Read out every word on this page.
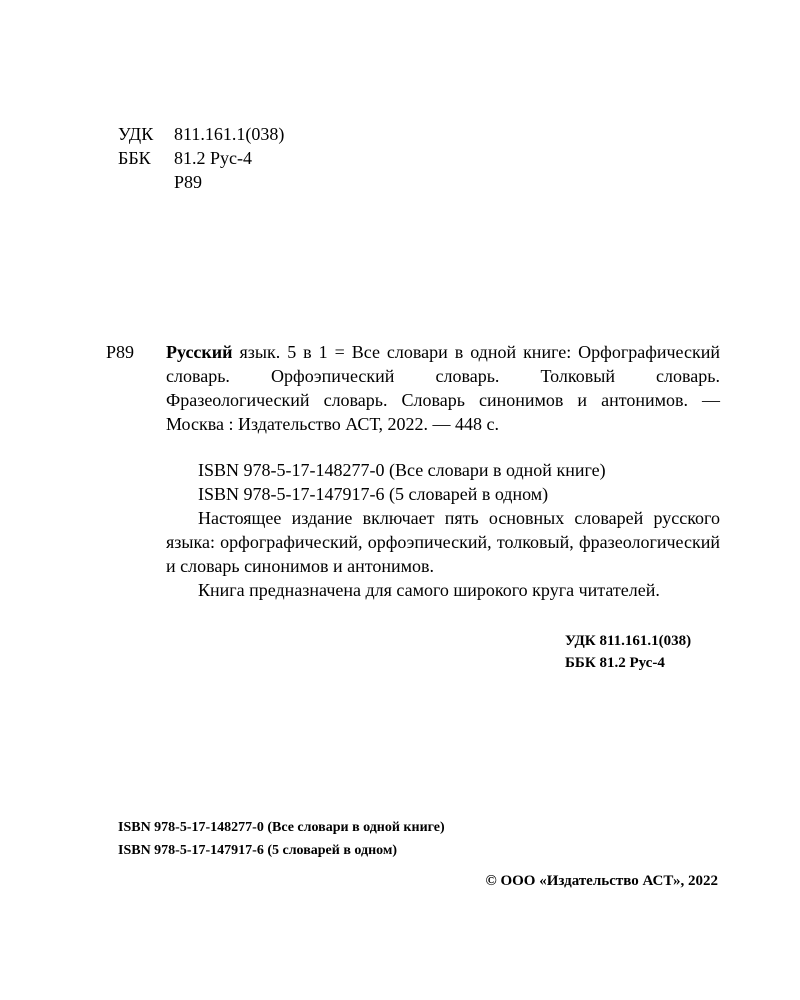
УДК 811.161.1(038)
ББК 81.2 Рус-4
Р89
Р89 Русский язык. 5 в 1 = Все словари в одной книге: Орфографический словарь. Орфоэпический словарь. Толковый словарь. Фразеологический словарь. Словарь синонимов и антонимов. — Москва : Издательство АСТ, 2022. — 448 с.
ISBN 978-5-17-148277-0 (Все словари в одной книге)
ISBN 978-5-17-147917-6 (5 словарей в одном)
Настоящее издание включает пять основных словарей русского языка: орфографический, орфоэпический, толковый, фразеологический и словарь синонимов и антонимов.
Книга предназначена для самого широкого круга читателей.
УДК 811.161.1(038)
ББК 81.2 Рус-4
ISBN 978-5-17-148277-0 (Все словари в одной книге)
ISBN 978-5-17-147917-6 (5 словарей в одном)
© ООО «Издательство АСТ», 2022
